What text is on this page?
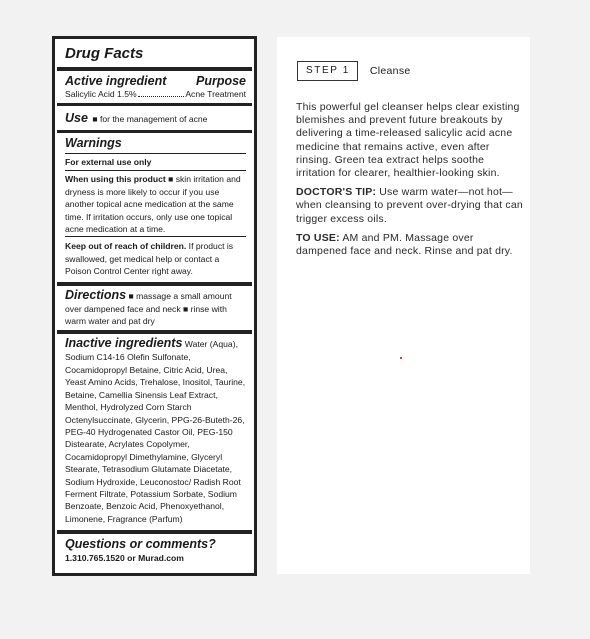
Drug Facts
Active ingredient Purpose
Salicylic Acid 1.5%	Acne Treatment
Use ■ for the management of acne
Warnings
For external use only
When using this product ■ skin irritation and dryness is more likely to occur if you use another topical acne medication at the same time. If irritation occurs, only use one topical acne medication at a time.
Keep out of reach of children. If product is swallowed, get medical help or contact a Poison Control Center right away.
Directions ■ massage a small amount over dampened face and neck ■ rinse with warm water and pat dry
Inactive ingredients Water (Aqua), Sodium C14-16 Olefin Sulfonate, Cocamidopropyl Betaine, Citric Acid, Urea, Yeast Amino Acids, Trehalose, Inositol, Taurine, Betaine, Camellia Sinensis Leaf Extract, Menthol, Hydrolyzed Corn Starch Octenylsuccinate, Glycerin, PPG-26-Buteth-26, PEG-40 Hydrogenated Castor Oil, PEG-150 Distearate, Acrylates Copolymer, Cocamidopropyl Dimethylamine, Glyceryl Stearate, Tetrasodium Glutamate Diacetate, Sodium Hydroxide, Leuconostoc/ Radish Root Ferment Filtrate, Potassium Sorbate, Sodium Benzoate, Benzoic Acid, Phenoxyethanol, Limonene, Fragrance (Parfum)
Questions or comments?
1.310.765.1520 or Murad.com
STEP 1	Cleanse

This powerful gel cleanser helps clear existing blemishes and prevent future breakouts by delivering a time-released salicylic acid acne medicine that remains active, even after rinsing. Green tea extract helps soothe irritation for clearer, healthier-looking skin.

DOCTOR'S TIP: Use warm water—not hot—when cleansing to prevent over-drying that can trigger excess oils.

TO USE: AM and PM. Massage over dampened face and neck. Rinse and pat dry.
